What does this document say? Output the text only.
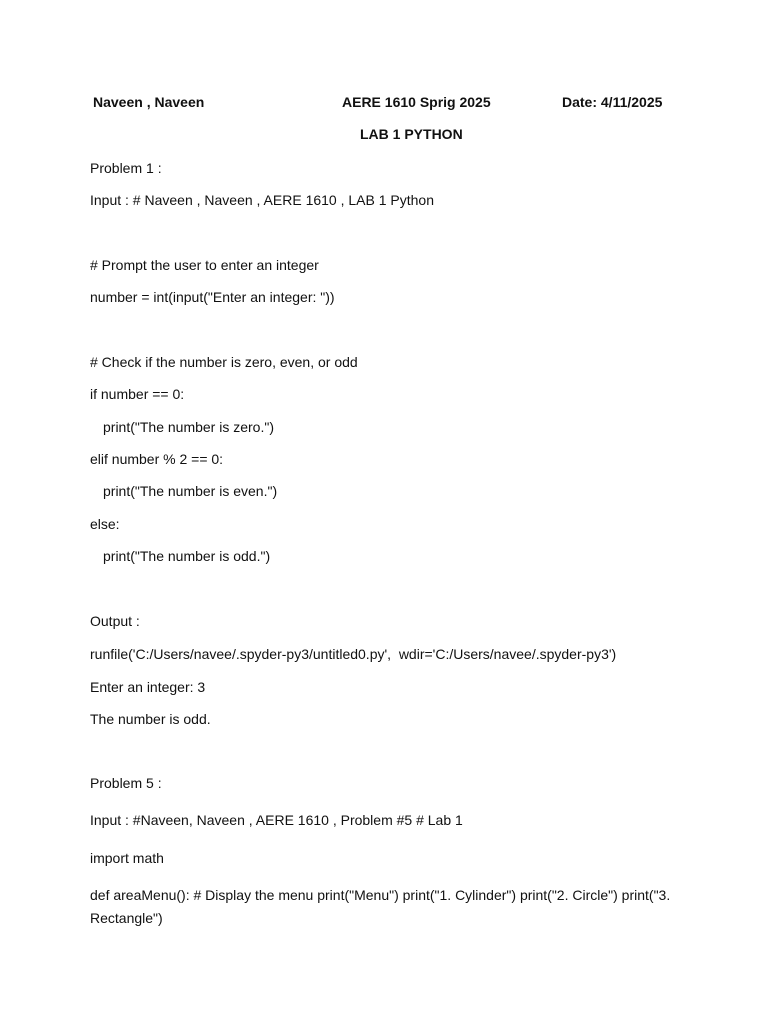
Naveen , Naveen	AERE 1610 Sprig 2025	Date: 4/11/2025
LAB 1 PYTHON
Problem 1 :
Input : # Naveen , Naveen , AERE 1610 , LAB 1 Python
# Prompt the user to enter an integer
number = int(input("Enter an integer: "))
# Check if the number is zero, even, or odd
if number == 0:
print("The number is zero.")
elif number % 2 == 0:
print("The number is even.")
else:
print("The number is odd.")
Output :
runfile('C:/Users/navee/.spyder-py3/untitled0.py',  wdir='C:/Users/navee/.spyder-py3')
Enter an integer: 3
The number is odd.
Problem 5 :
Input : #Naveen, Naveen , AERE 1610 , Problem #5 # Lab 1
import math
def areaMenu(): # Display the menu print("Menu") print("1. Cylinder") print("2. Circle") print("3. Rectangle")
